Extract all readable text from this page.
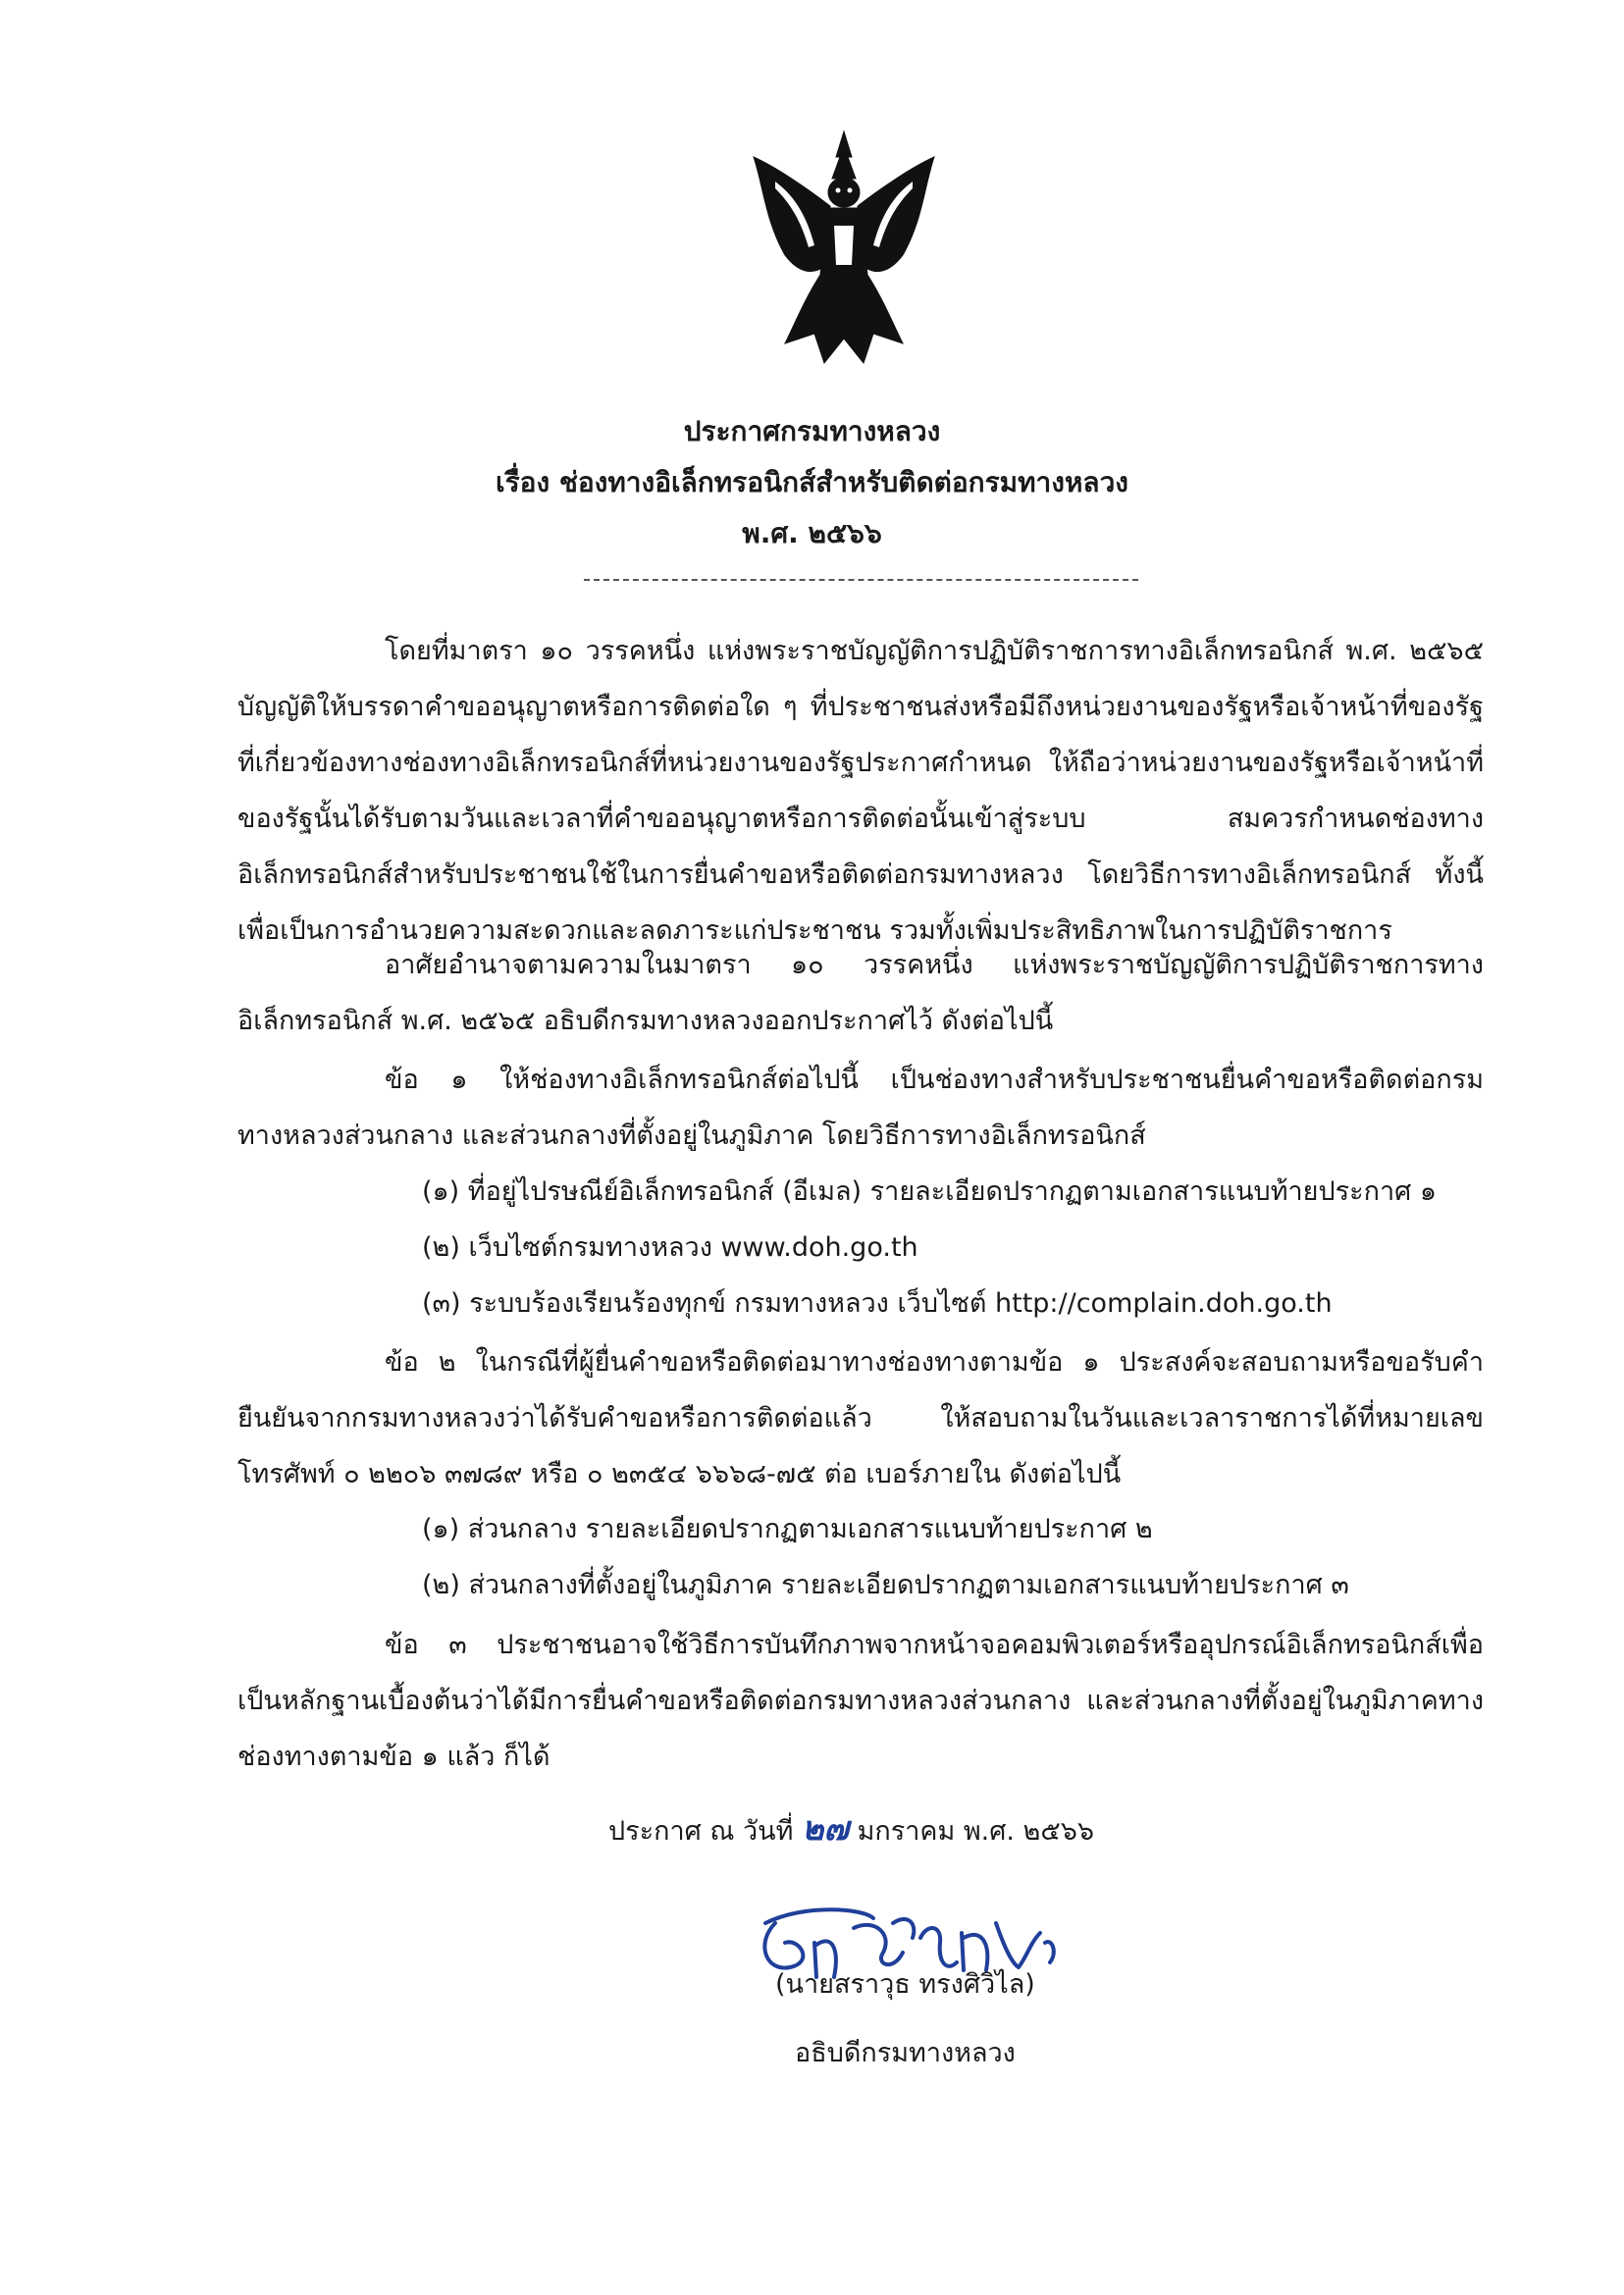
ประกาศกรมทางหลวง
เรื่อง ช่องทางอิเล็กทรอนิกส์สำหรับติดต่อกรมทางหลวง
พ.ศ. ๒๕๖๖

โดยที่มาตรา ๑๐ วรรคหนึ่ง แห่งพระราชบัญญัติการปฏิบัติราชการทางอิเล็กทรอนิกส์ พ.ศ. ๒๕๖๕ บัญญัติให้บรรดาคำขออนุญาตหรือการติดต่อใด ๆ ที่ประชาชนส่งหรือมีถึงหน่วยงานของรัฐหรือเจ้าหน้าที่ของรัฐที่เกี่ยวข้องทางช่องทางอิเล็กทรอนิกส์ที่หน่วยงานของรัฐประกาศกำหนด ให้ถือว่าหน่วยงานของรัฐหรือเจ้าหน้าที่ของรัฐนั้นได้รับตามวันและเวลาที่คำขออนุญาตหรือการติดต่อนั้นเข้าสู่ระบบ สมควรกำหนดช่องทางอิเล็กทรอนิกส์สำหรับประชาชนใช้ในการยื่นคำขอหรือติดต่อกรมทางหลวง โดยวิธีการทางอิเล็กทรอนิกส์ ทั้งนี้ เพื่อเป็นการอำนวยความสะดวกและลดภาระแก่ประชาชน รวมทั้งเพิ่มประสิทธิภาพในการปฏิบัติราชการ

อาศัยอำนาจตามความในมาตรา ๑๐ วรรคหนึ่ง แห่งพระราชบัญญัติการปฏิบัติราชการทางอิเล็กทรอนิกส์ พ.ศ. ๒๕๖๕ อธิบดีกรมทางหลวงออกประกาศไว้ ดังต่อไปนี้

ข้อ ๑ ให้ช่องทางอิเล็กทรอนิกส์ต่อไปนี้ เป็นช่องทางสำหรับประชาชนยื่นคำขอหรือติดต่อกรมทางหลวงส่วนกลาง และส่วนกลางที่ตั้งอยู่ในภูมิภาค โดยวิธีการทางอิเล็กทรอนิกส์

(๑) ที่อยู่ไปรษณีย์อิเล็กทรอนิกส์ (อีเมล) รายละเอียดปรากฏตามเอกสารแนบท้ายประกาศ ๑
(๒) เว็บไซต์กรมทางหลวง www.doh.go.th
(๓) ระบบร้องเรียนร้องทุกข์ กรมทางหลวง เว็บไซต์ http://complain.doh.go.th

ข้อ ๒ ในกรณีที่ผู้ยื่นคำขอหรือติดต่อมาทางช่องทางตามข้อ ๑ ประสงค์จะสอบถามหรือขอรับคำยืนยันจากกรมทางหลวงว่าได้รับคำขอหรือการติดต่อแล้ว ให้สอบถามในวันและเวลาราชการได้ที่หมายเลขโทรศัพท์ ๐ ๒๒๐๖ ๓๗๘๙ หรือ ๐ ๒๓๕๔ ๖๖๖๘-๗๕ ต่อ เบอร์ภายใน ดังต่อไปนี้

(๑) ส่วนกลาง รายละเอียดปรากฏตามเอกสารแนบท้ายประกาศ ๒
(๒) ส่วนกลางที่ตั้งอยู่ในภูมิภาค รายละเอียดปรากฏตามเอกสารแนบท้ายประกาศ ๓

ข้อ ๓ ประชาชนอาจใช้วิธีการบันทึกภาพจากหน้าจอคอมพิวเตอร์หรืออุปกรณ์อิเล็กทรอนิกส์เพื่อเป็นหลักฐานเบื้องต้นว่าได้มีการยื่นคำขอหรือติดต่อกรมทางหลวงส่วนกลาง และส่วนกลางที่ตั้งอยู่ในภูมิภาคทางช่องทางตามข้อ ๑ แล้ว ก็ได้

ประกาศ ณ วันที่ ๒๗ มกราคม พ.ศ. ๒๕๖๖
(นายสราวุธ ทรงศิวิไล)
อธิบดีกรมทางหลวง
